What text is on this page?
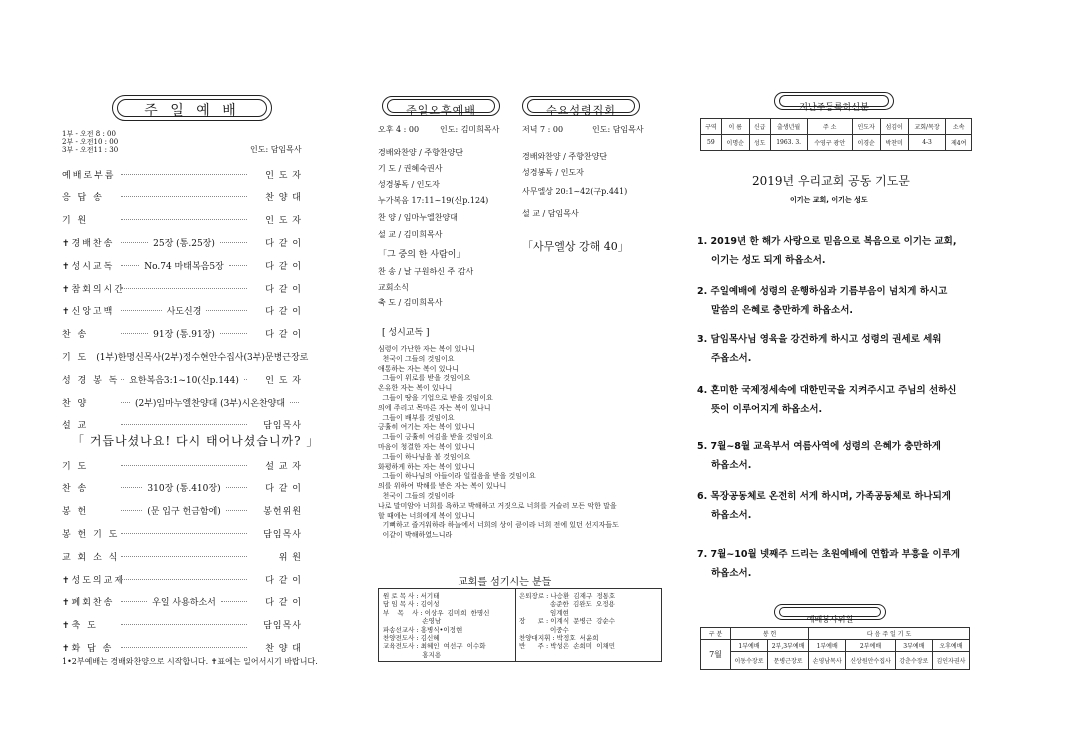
주 일 예 배
1부 - 오전 8 : 00
2부 - 오전10 : 00
3부 - 오전11 : 30	인도: 담임목사
예배로부름	인 도 자
응 답 송	찬 양 대
기 원	인 도 자
✝경배찬송	25장 (통.25장)	다 같 이
✝성시교독	No.74 마태복음5장	다 같 이
✝참회의시간	다 같 이
✝신앙고백	사도신경	다 같 이
찬 송	91장 (통.91장)	다 같 이
기 도 (1부)한명신목사(2부)정수현안수집사(3부)문병근장로
성 경 봉 독 요한복음3:1~10(신p.144)	인 도 자
찬 양	(2부)임마누엘찬양대 (3부)시온찬양대
설 교	담임목사
「 거듭나셨나요! 다시 태어나셨습니까? 」
기 도	설 교 자
찬 송	310장 (통.410장)	다 같 이
봉 헌	(문 입구 헌금함에)	봉헌위원
봉 헌 기 도	담임목사
교 회 소 식	위 원
✝성도의교제	다 같 이
✝폐회찬송	우일 사용하소서	다 같 이
✝축 도	담임목사
✝화 답 송	찬 양 대
1•2부예배는 경배와찬양으로 시작합니다. ✝표에는 일어서시기 바랍니다.
주일오후예배	수요성령집회
오후 4 : 00	인도: 김미희목사
경배와찬양 / 주향찬양단
기 도 / 권혜숙권사
성경봉독 / 인도자
누가복음 17:11~19(신p.124)
찬 양 / 임마누엘찬양대
설 교 / 김미희목사
「그 중의 한 사람이」
찬 송 / 날 구원하신 주 감사
교회소식
축 도 / 김미희목사
저녁 7 : 00	인도: 담임목사
경배와찬양 / 주향찬양단
성경봉독 / 인도자
사무엘상 20:1~42(구p.441)
설 교 / 담임목사
「사무엘상 강해 40」
[ 성시교독 ]
심령이 가난한 자는 복이 있나니
천국이 그들의 것임이요
애통하는 자는 복이 있나니
그들이 위로를 받을 것임이요
온유한 자는 복이 있나니
그들이 땅을 기업으로 받을 것임이요
의에 주리고 목마른 자는 복이 있나니
그들이 배부를 것임이요
긍휼히 여기는 자는 복이 있나니
그들이 긍휼히 여김을 받을 것임이요
마음이 청결한 자는 복이 있나니
그들이 하나님을 볼 것임이요
화평하게 하는 자는 복이 있나니
그들이 하나님의 아들이라 일컬음을 받을 것임이요
의를 위하여 박해를 받은 자는 복이 있나니
천국이 그들의 것임이라
나로 말미암아 너희를 욕하고 박해하고 거짓으로 너희를 거슬러 모든 악한 말을
할 때에는 너희에게 복이 있나니
기뻐하고 즐거워하라 하늘에서 너희의 상이 큼이라 너희 전에 있던 선지자들도
이같이 박해하였느니라
교회를 섬기시는 분들
원 로 목 사 : 서기태
담 임 목 사 : 김이성
부    목    사 : 이상우  김미희  한명신
손영남
파송선교사 : 홍병식•이정현
찬양전도사 : 김신혜
교육전도사 : 최혜인  여선구  이수화
홍지용
은퇴장로 : 나승환  김재구  정통호
송준한  김완도  오정용
임계현
장      로 : 이계식  문병근  강순수
이중수
찬양대지휘 : 박정호  서윤희
반      주 : 박성은  손희미  이채민
지난주등록하신분
구역	이 름	신급	출생년월	주 소	인도자	섬김이	교회/목장	소속
59	이명순	성도	1963. 3.	수영구 광안	이경순	박찬미	4-3	제4여
2019년 우리교회 공동 기도문
이기는 교회, 이기는 성도
1. 2019년 한 해가 사랑으로 믿음으로 복음으로 이기는 교회,
이기는 성도 되게 하옵소서.
2. 주일예배에 성령의 운행하심과 기름부음이 넘치게 하시고
말씀의 은혜로 충만하게 하옵소서.
3. 담임목사님 영육을 강건하게 하시고 성령의 권세로 세워
주옵소서.
4. 혼미한 국제정세속에 대한민국을 지켜주시고 주님의 선하신
뜻이 이루어지게 하옵소서.
5. 7월~8월 교육부서 여름사역에 성령의 은혜가 충만하게
하옵소서.
6. 목장공동체로 온전히 서게 하시며, 가족공동체로 하나되게
하옵소서.
7. 7월~10월 넷째주 드리는 초원예배에 연합과 부흥을 이루게
하옵소서.
예배봉사위원
구 분	봉 헌		다 음 주 일 기 도			
7월	1부예배	2부,3부예배	1부예배	2부예배	3부예배	오후예배
	이동수장로	문병근장로	손영남목사	신상원안수집사	강춘수장로	김인자권사
